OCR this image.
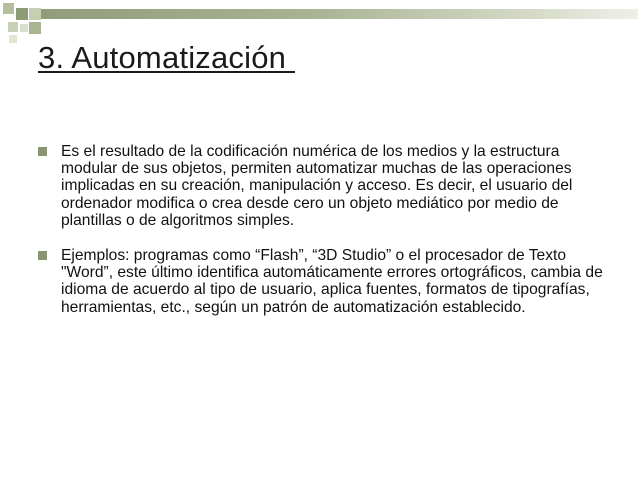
3. Automatización
Es el resultado de la codificación numérica de los medios y la estructura modular de sus objetos, permiten automatizar muchas de las operaciones implicadas en su creación, manipulación y acceso. Es decir, el usuario del ordenador modifica o crea desde cero un objeto mediático por medio de plantillas o de algoritmos simples.
Ejemplos: programas como “Flash”, “3D Studio” o el procesador de Texto "Word”, este último identifica automáticamente errores ortográficos, cambia de idioma de acuerdo al tipo de usuario, aplica fuentes, formatos de tipografías, herramientas, etc., según un patrón de automatización establecido.
